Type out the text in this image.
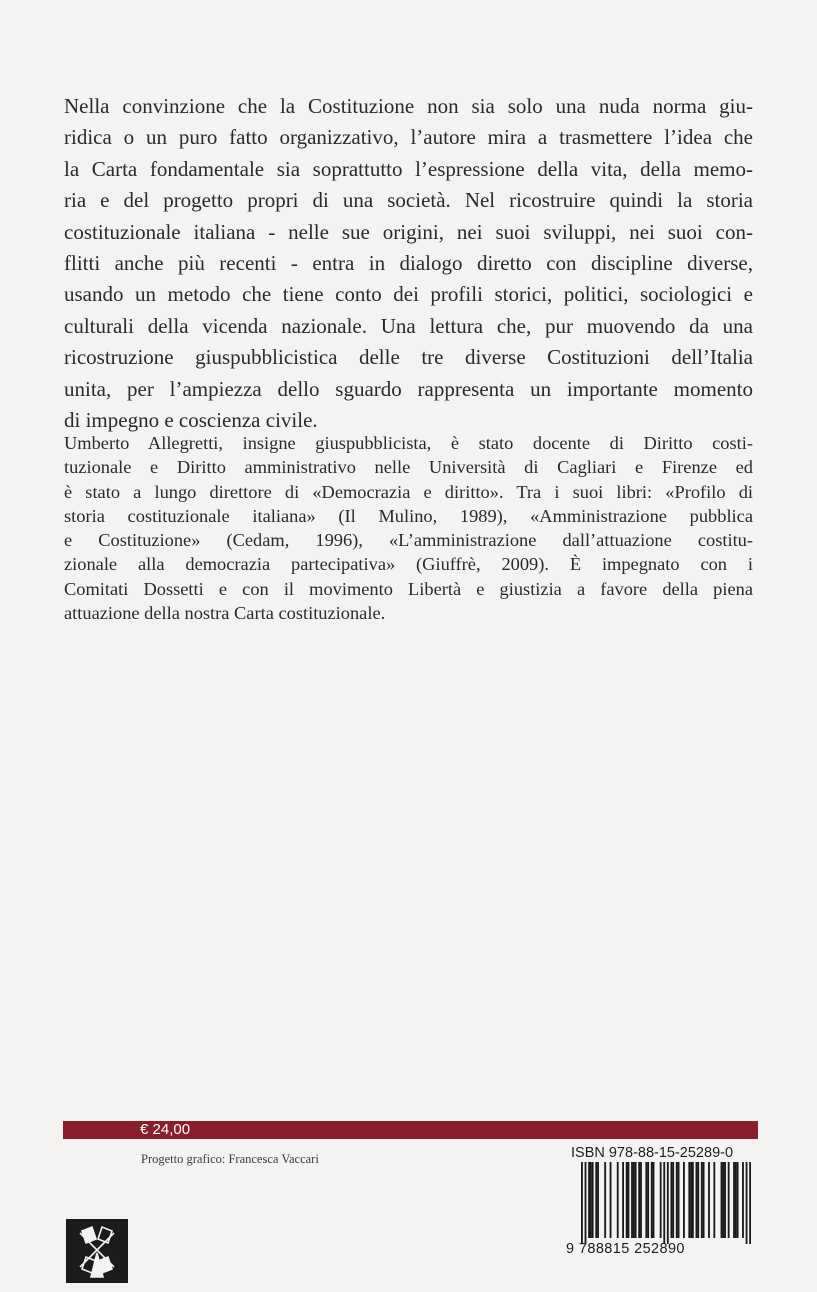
Nella convinzione che la Costituzione non sia solo una nuda norma giu-
ridica o un puro fatto organizzativo, l’autore mira a trasmettere l’idea che
la Carta fondamentale sia soprattutto l’espressione della vita, della memo-
ria e del progetto propri di una società. Nel ricostruire quindi la storia
costituzionale italiana - nelle sue origini, nei suoi sviluppi, nei suoi con-
flitti anche più recenti - entra in dialogo diretto con discipline diverse,
usando un metodo che tiene conto dei profili storici, politici, sociologici e
culturali della vicenda nazionale. Una lettura che, pur muovendo da una
ricostruzione giuspubblicistica delle tre diverse Costituzioni dell’Italia
unita, per l’ampiezza dello sguardo rappresenta un importante momento
di impegno e coscienza civile.

Umberto Allegretti, insigne giuspubblicista, è stato docente di Diritto costi-
tuzionale e Diritto amministrativo nelle Università di Cagliari e Firenze ed
è stato a lungo direttore di «Democrazia e diritto». Tra i suoi libri: «Profilo di
storia costituzionale italiana» (Il Mulino, 1989), «Amministrazione pubblica
e Costituzione» (Cedam, 1996), «L’amministrazione dall’attuazione costitu-
zionale alla democrazia partecipativa» (Giuffrè, 2009). È impegnato con i
Comitati Dossetti e con il movimento Libertà e giustizia a favore della piena
attuazione della nostra Carta costituzionale.

€ 24,00
Progetto grafico: Francesca Vaccari	ISBN 978-88-15-25289-0
9 788815 252890
